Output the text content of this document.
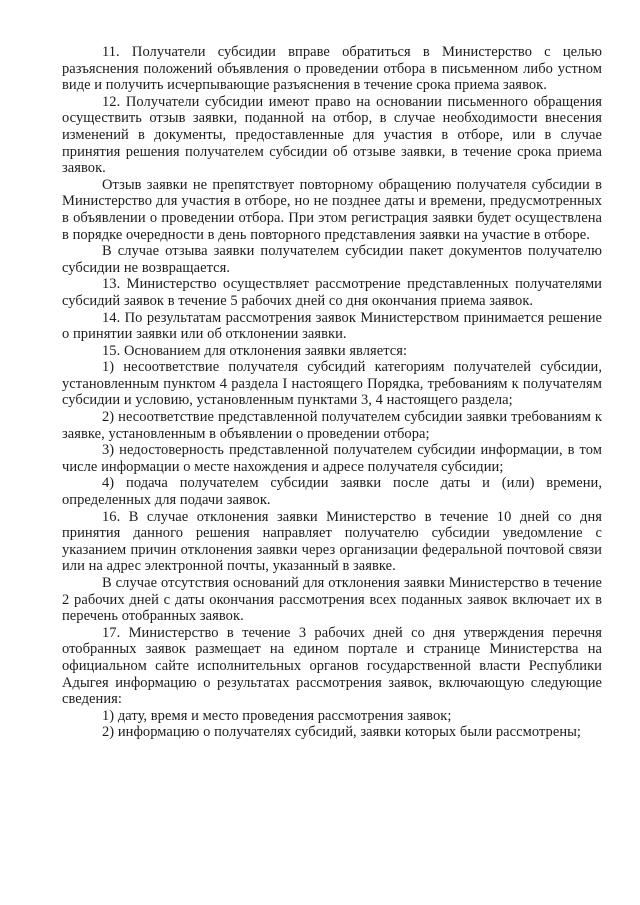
11. Получатели субсидии вправе обратиться в Министерство с целью разъяснения положений объявления о проведении отбора в письменном либо устном виде и получить исчерпывающие разъяснения в течение срока приема заявок.

12. Получатели субсидии имеют право на основании письменного обращения осуществить отзыв заявки, поданной на отбор, в случае необходимости внесения изменений в документы, предоставленные для участия в отборе, или в случае принятия решения получателем субсидии об отзыве заявки, в течение срока приема заявок.

Отзыв заявки не препятствует повторному обращению получателя субсидии в Министерство для участия в отборе, но не позднее даты и времени, предусмотренных в объявлении о проведении отбора. При этом регистрация заявки будет осуществлена в порядке очередности в день повторного представления заявки на участие в отборе.

В случае отзыва заявки получателем субсидии пакет документов получателю субсидии не возвращается.

13. Министерство осуществляет рассмотрение представленных получателями субсидий заявок в течение 5 рабочих дней со дня окончания приема заявок.

14. По результатам рассмотрения заявок Министерством принимается решение о принятии заявки или об отклонении заявки.

15. Основанием для отклонения заявки является:

1) несоответствие получателя субсидий категориям получателей субсидии, установленным пунктом 4 раздела I настоящего Порядка, требованиям к получателям субсидии и условию, установленным пунктами 3, 4 настоящего раздела;

2) несоответствие представленной получателем субсидии заявки требованиям к заявке, установленным в объявлении о проведении отбора;

3) недостоверность представленной получателем субсидии информации, в том числе информации о месте нахождения и адресе получателя субсидии;

4) подача получателем субсидии заявки после даты и (или) времени, определенных для подачи заявок.

16. В случае отклонения заявки Министерство в течение 10 дней со дня принятия данного решения направляет получателю субсидии уведомление с указанием причин отклонения заявки через организации федеральной почтовой связи или на адрес электронной почты, указанный в заявке.

В случае отсутствия оснований для отклонения заявки Министерство в течение 2 рабочих дней с даты окончания рассмотрения всех поданных заявок включает их в перечень отобранных заявок.

17. Министерство в течение 3 рабочих дней со дня утверждения перечня отобранных заявок размещает на едином портале и странице Министерства на официальном сайте исполнительных органов государственной власти Республики Адыгея информацию о результатах рассмотрения заявок, включающую следующие сведения:

1) дату, время и место проведения рассмотрения заявок;

2) информацию о получателях субсидий, заявки которых были рассмотрены;
